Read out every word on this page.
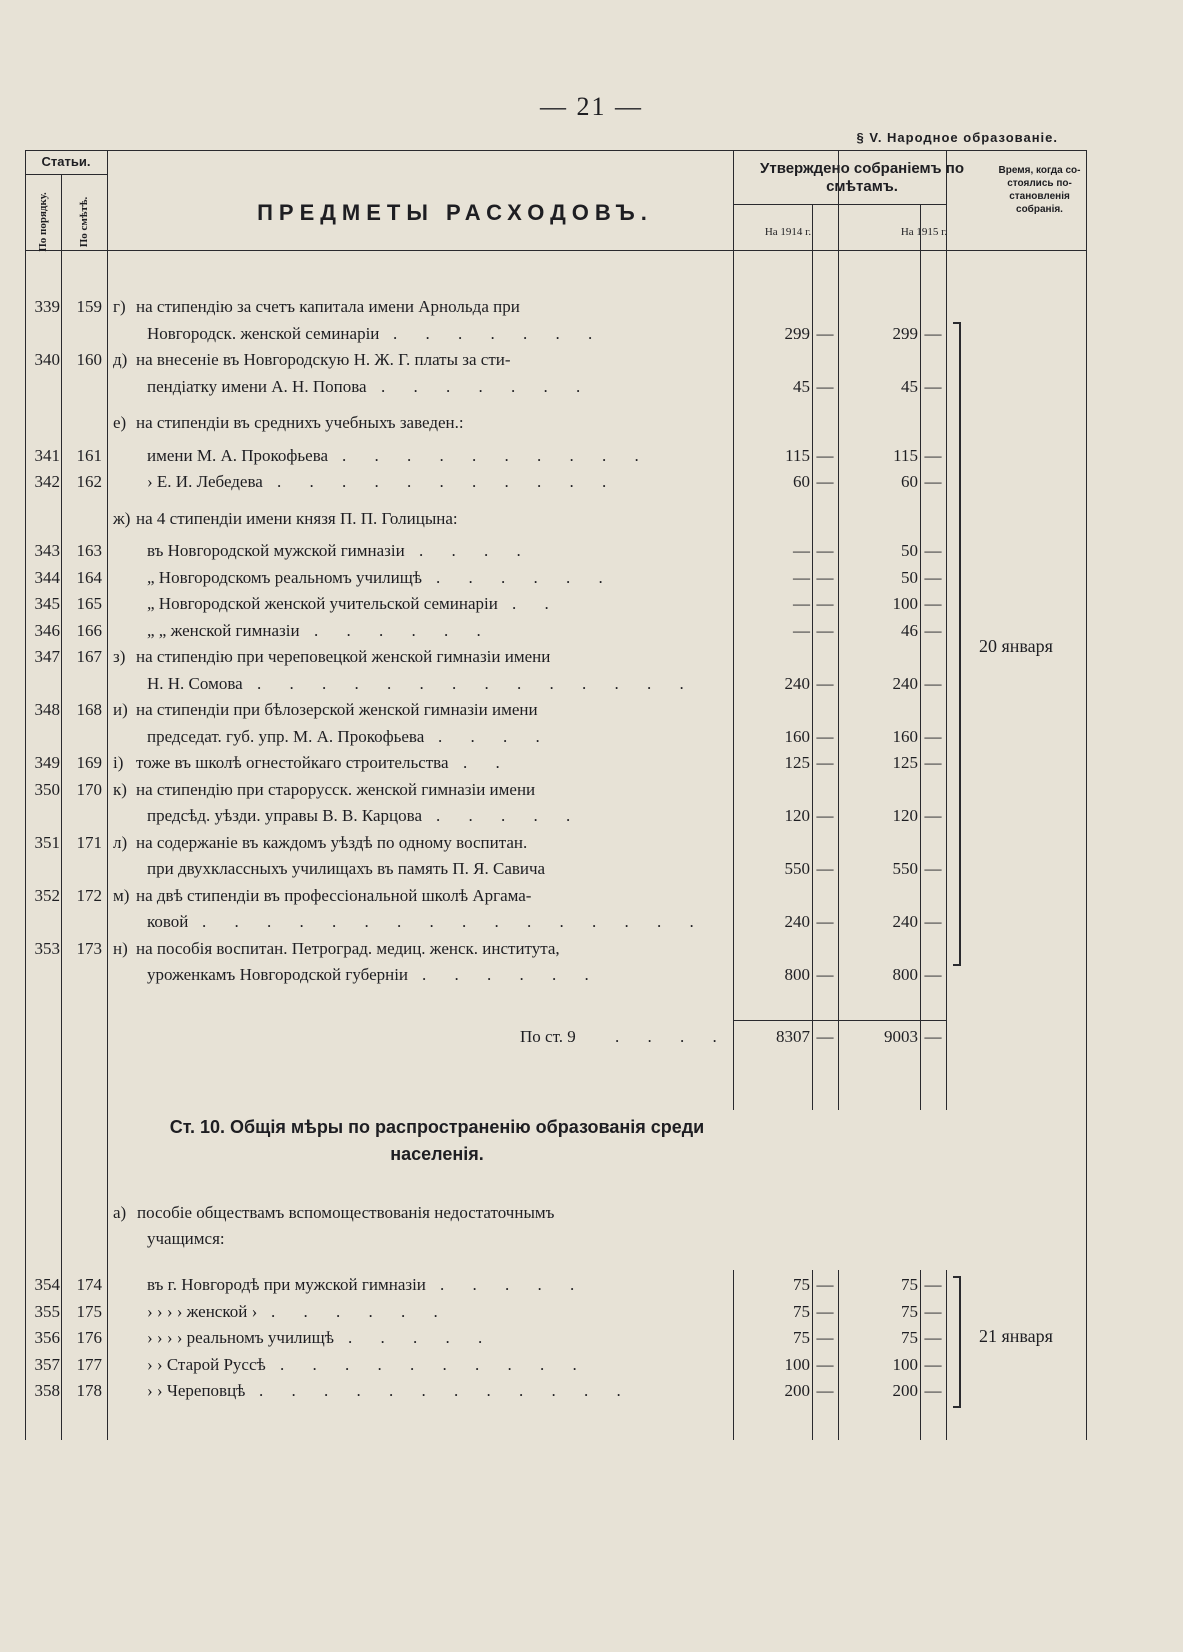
— 21 —
§ V. Народное образованіе.
Статьи.
По порядку.	По смѣтѣ.	ПРЕДМЕТЫ РАСХОДОВЪ.
Утверждено собраніемъ по смѣтамъ.
На 1914 г.	На 1915 г.
Время, когда состоялись постановленія собранія.
339 159 г) на стипендію за счетъ капитала имени Арнольда при
Новгородск. женской семинаріи . . . . . . .	299 —	299 —
340 160 д) на внесеніе въ Новгородскую Н. Ж. Г. платы за сти-
пендіатку имени А. Н. Попова . . . . . . .	45 —	45 —
е) на стипендіи въ среднихъ учебныхъ заведен.:
341 161	имени М. А. Прокофьева . . . . . . . . . .	115 —	115 —
342 162	› Е. И. Лебедева . . . . . . . . . . .	60 —	60 —
ж) на 4 стипендіи имени князя П. П. Голицына:
343 163	въ Новгородской мужской гимназіи . . . .	— —	50 —
344 164	„ Новгородскомъ реальномъ училищѣ . . . . . .	— —	50 —
345 165	„ Новгородской женской учительской семинаріи . .	— —	100 —
346 166	„ „ женской гимназіи . . . . . .	— —	46 —
347 167 з) на стипендію при череповецкой женской гимназіи имени
Н. Н. Сомова . . . . . . . . . . . . . .	240 —	240 —
348 168 и) на стипендіи при бѣлозерской женской гимназіи имени
председат. губ. упр. М. А. Прокофьева . . . .	160 —	160 —
349 169 і) тоже въ школѣ огнестойкаго строительства . .	125 —	125 —
350 170 к) на стипендію при старорусск. женской гимназіи имени
предсѣд. уѣзди. управы В. В. Карцова . . . . .	120 —	120 —
351 171 л) на содержаніе въ каждомъ уѣздѣ по одному воспитан.
при двухклассныхъ училищахъ въ память П. Я. Савича	550 —	550 —
352 172 м) на двѣ стипендіи въ профессіональной школѣ Аргама-
ковой . . . . . . . . . . . . . . . .	240 —	240 —
353 173 н) на пособія воспитан. Петроград. медиц. женск. института,
уроженкамъ Новгородской губерніи . . . . . .	800 —	800 —
По ст. 9 . . . .	8307 —	9003 —
20 января
Ст. 10. Общія мѣры по распространенію образованія среди населенія.
а) пособіе обществамъ вспомоществованія недостаточнымъ
учащимся:
354 174	въ г. Новгородѣ при мужской гимназіи . . . . .	75 —	75 —
355 175	› › › › женской › . . . . . .	75 —	75 —
356 176	› › › › реальномъ училищѣ . . . . .	75 —	75 —
357 177	› › Старой Руссѣ . . . . . . . . . .	100 —	100 —
358 178	› › Череповцѣ . . . . . . . . . . . .	200 —	200 —
21 января
